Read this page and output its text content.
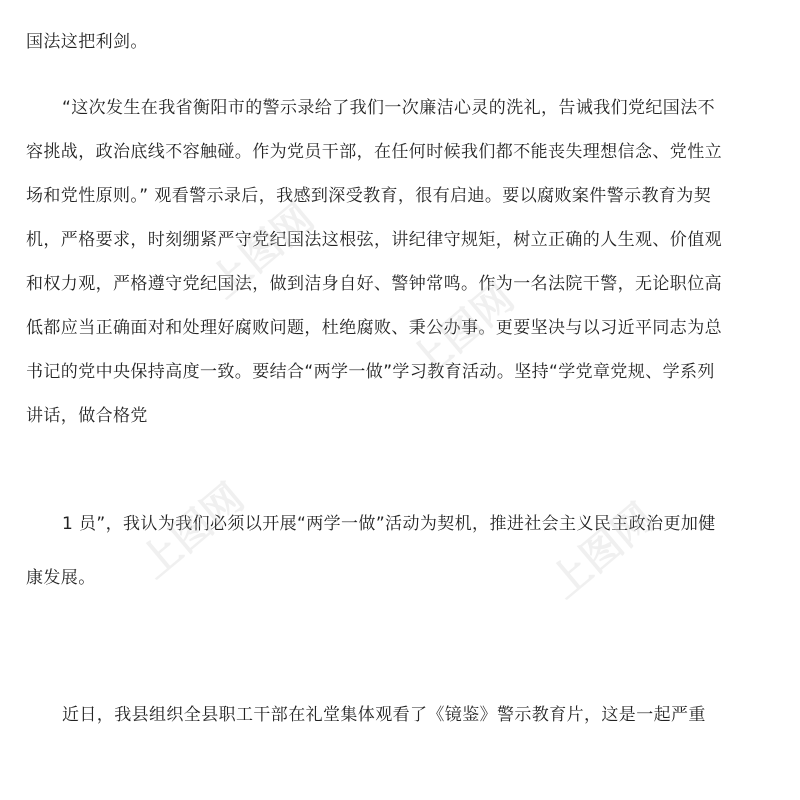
国法这把利剑。
“这次发生在我省衡阳市的警示录给了我们一次廉洁心灵的洗礼，告诫我们党纪国法不
容挑战，政治底线不容触碰。作为党员干部，在任何时候我们都不能丧失理想信念、党性立
场和党性原则。” 观看警示录后，我感到深受教育，很有启迪。要以腐败案件警示教育为契
机，严格要求，时刻绷紧严守党纪国法这根弦，讲纪律守规矩，树立正确的人生观、价值观
和权力观，严格遵守党纪国法，做到洁身自好、警钟常鸣。作为一名法院干警，无论职位高
低都应当正确面对和处理好腐败问题，杜绝腐败、秉公办事。更要坚决与以习近平同志为总
书记的党中央保持高度一致。要结合“两学一做”学习教育活动。坚持“学党章党规、学系列
讲话，做合格党
1 员”，我认为我们必须以开展“两学一做”活动为契机，推进社会主义民主政治更加健
康发展。
近日，我县组织全县职工干部在礼堂集体观看了《镜鉴》警示教育片，这是一起严重
上图网
上图网
上图网	上图网
